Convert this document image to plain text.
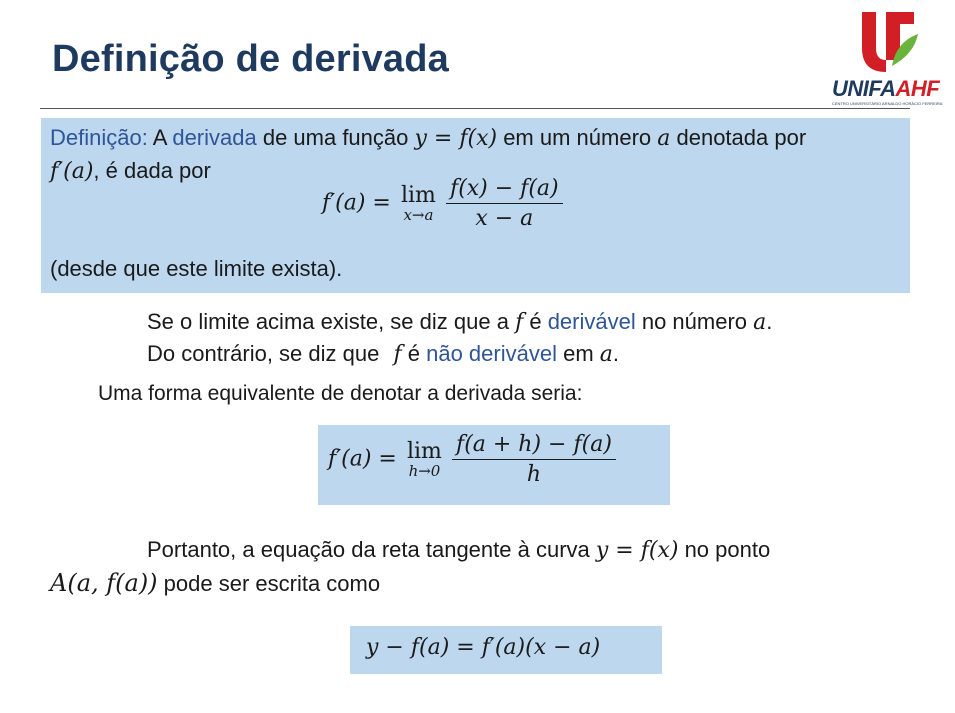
Definição de derivada
UNIFAAHF
CENTRO UNIVERSITÁRIO ARNALDO HORÁCIO FERREIRA
Definição: A derivada de uma função y = f(x) em um número a denotada por
f′(a), é dada por
f′(a) = lim
x→a
$\frac{f(x) - f(a)}{x - a}$
(desde que este limite exista).
Se o limite acima existe, se diz que a f é derivável no número a.
Do contrário, se diz que f é não derivável em a.
Uma forma equivalente de denotar a derivada seria:
f′(a) = lim
h→0
$\frac{f(a + h) - f(a)}{h}$
Portanto, a equação da reta tangente à curva y = f(x) no ponto
A(a, f(a)) pode ser escrita como
y − f(a) = f′(a)(x − a)
